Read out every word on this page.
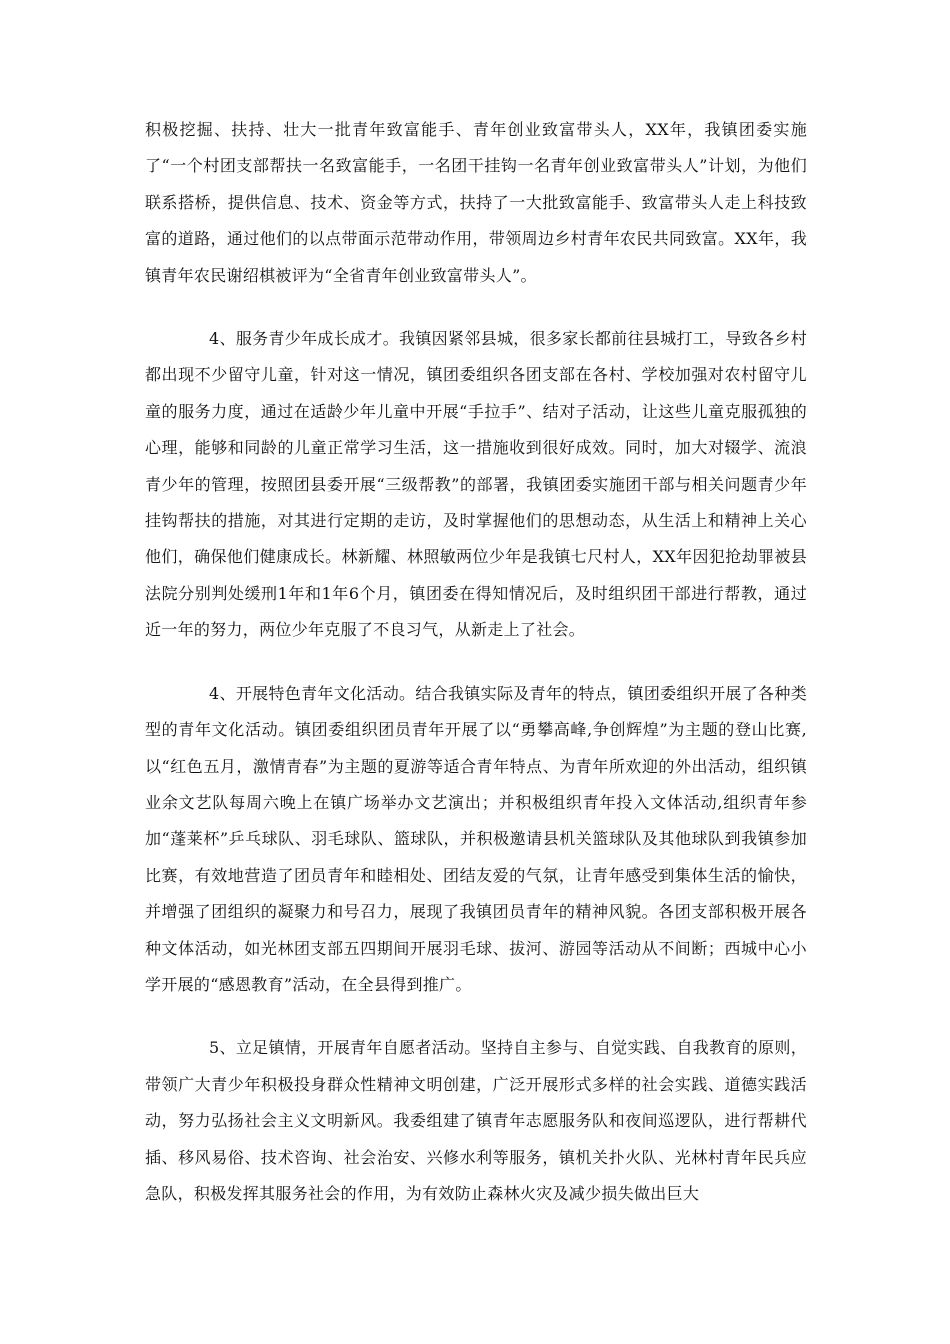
积极挖掘、扶持、壮大一批青年致富能手、青年创业致富带头人，XX年，我镇团委实施了“一个村团支部帮扶一名致富能手，一名团干挂钩一名青年创业致富带头人”计划，为他们联系搭桥，提供信息、技术、资金等方式，扶持了一大批致富能手、致富带头人走上科技致富的道路，通过他们的以点带面示范带动作用，带领周边乡村青年农民共同致富。XX年，我镇青年农民谢绍棋被评为“全省青年创业致富带头人”。

4、服务青少年成长成才。我镇因紧邻县城，很多家长都前往县城打工，导致各乡村都出现不少留守儿童，针对这一情况，镇团委组织各团支部在各村、学校加强对农村留守儿童的服务力度，通过在适龄少年儿童中开展“手拉手”、结对子活动，让这些儿童克服孤独的心理，能够和同龄的儿童正常学习生活，这一措施收到很好成效。同时，加大对辍学、流浪青少年的管理，按照团县委开展“三级帮教”的部署，我镇团委实施团干部与相关问题青少年挂钩帮扶的措施，对其进行定期的走访，及时掌握他们的思想动态，从生活上和精神上关心他们，确保他们健康成长。林新耀、林照敏两位少年是我镇七尺村人，XX年因犯抢劫罪被县法院分别判处缓刑1年和1年6个月，镇团委在得知情况后，及时组织团干部进行帮教，通过近一年的努力，两位少年克服了不良习气，从新走上了社会。

4、开展特色青年文化活动。结合我镇实际及青年的特点，镇团委组织开展了各种类型的青年文化活动。镇团委组织团员青年开展了以“勇攀高峰,争创辉煌”为主题的登山比赛,以“红色五月，激情青春”为主题的夏游等适合青年特点、为青年所欢迎的外出活动，组织镇业余文艺队每周六晚上在镇广场举办文艺演出；并积极组织青年投入文体活动,组织青年参加“蓬莱杯”乒乓球队、羽毛球队、篮球队，并积极邀请县机关篮球队及其他球队到我镇参加比赛，有效地营造了团员青年和睦相处、团结友爱的气氛，让青年感受到集体生活的愉快，并增强了团组织的凝聚力和号召力，展现了我镇团员青年的精神风貌。各团支部积极开展各种文体活动，如光林团支部五四期间开展羽毛球、拔河、游园等活动从不间断；西城中心小学开展的“感恩教育”活动，在全县得到推广。

5、立足镇情，开展青年自愿者活动。坚持自主参与、自觉实践、自我教育的原则，带领广大青少年积极投身群众性精神文明创建，广泛开展形式多样的社会实践、道德实践活动，努力弘扬社会主义文明新风。我委组建了镇青年志愿服务队和夜间巡逻队，进行帮耕代插、移风易俗、技术咨询、社会治安、兴修水利等服务，镇机关扑火队、光林村青年民兵应急队，积极发挥其服务社会的作用，为有效防止森林火灾及减少损失做出巨大
